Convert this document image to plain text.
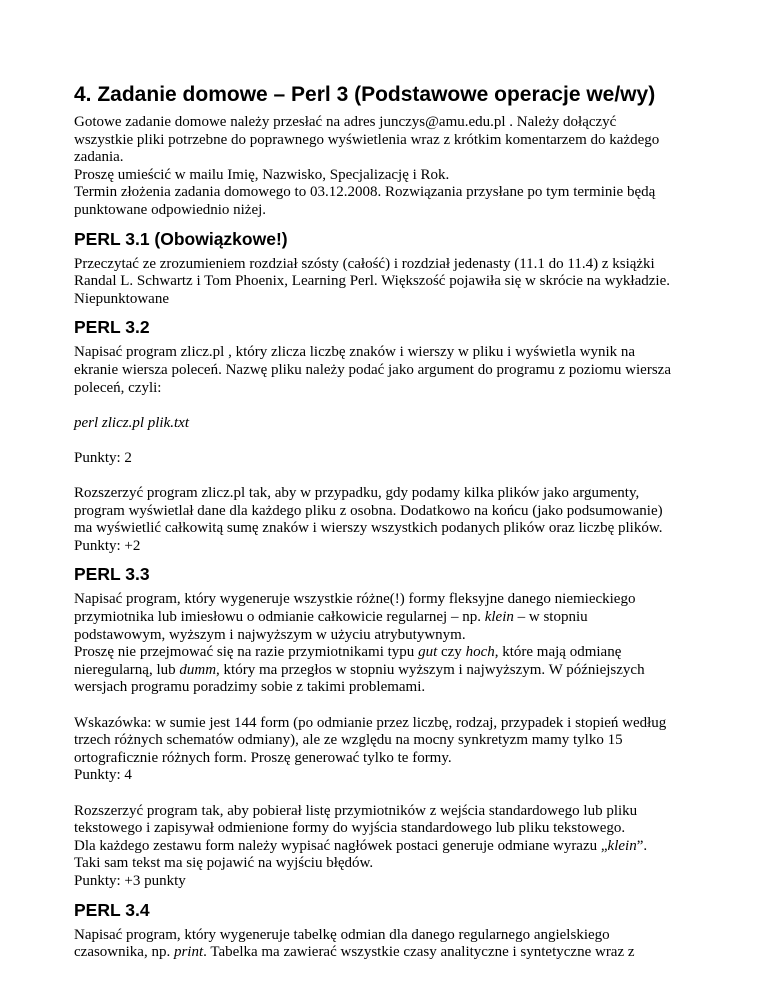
4. Zadanie domowe – Perl 3 (Podstawowe operacje we/wy)

Gotowe zadanie domowe należy przesłać na adres junczys@amu.edu.pl . Należy dołączyć
wszystkie pliki potrzebne do poprawnego wyświetlenia wraz z krótkim komentarzem do każdego
zadania.
Proszę umieścić w mailu Imię, Nazwisko, Specjalizację i Rok.
Termin złożenia zadania domowego to 03.12.2008. Rozwiązania przysłane po tym terminie będą
punktowane odpowiednio niżej.

PERL 3.1 (Obowiązkowe!)

Przeczytać ze zrozumieniem rozdział szósty (całość) i rozdział jedenasty (11.1 do 11.4) z książki
Randal L. Schwartz i Tom Phoenix, Learning Perl. Większość pojawiła się w skrócie na wykładzie.
Niepunktowane

PERL 3.2

Napisać program zlicz.pl , który zlicza liczbę znaków i wierszy w pliku i wyświetla wynik na
ekranie wiersza poleceń. Nazwę pliku należy podać jako argument do programu z poziomu wiersza
poleceń, czyli:

perl zlicz.pl plik.txt

Punkty: 2

Rozszerzyć program zlicz.pl tak, aby w przypadku, gdy podamy kilka plików jako argumenty,
program wyświetlał dane dla każdego pliku z osobna. Dodatkowo na końcu (jako podsumowanie)
ma wyświetlić całkowitą sumę znaków i wierszy wszystkich podanych plików oraz liczbę plików.
Punkty: +2

PERL 3.3

Napisać program, który wygeneruje wszystkie różne(!) formy fleksyjne danego niemieckiego
przymiotnika lub imiesłowu o odmianie całkowicie regularnej – np. klein – w stopniu
podstawowym, wyższym i najwyższym w użyciu atrybutywnym.
Proszę nie przejmować się na razie przymiotnikami typu gut czy hoch, które mają odmianę
nieregularną, lub dumm, który ma przegłos w stopniu wyższym i najwyższym. W późniejszych
wersjach programu poradzimy sobie z takimi problemami.

Wskazówka: w sumie jest 144 form (po odmianie przez liczbę, rodzaj, przypadek i stopień według
trzech różnych schematów odmiany), ale ze względu na mocny synkretyzm mamy tylko 15
ortograficznie różnych form. Proszę generować tylko te formy.
Punkty: 4

Rozszerzyć program tak, aby pobierał listę przymiotników z wejścia standardowego lub pliku
tekstowego i zapisywał odmienione formy do wyjścia standardowego lub pliku tekstowego.
Dla każdego zestawu form należy wypisać nagłówek postaci generuje odmiane wyrazu „klein”.
Taki sam tekst ma się pojawić na wyjściu błędów.
Punkty: +3 punkty

PERL 3.4

Napisać program, który wygeneruje tabelkę odmian dla danego regularnego angielskiego
czasownika, np. print. Tabelka ma zawierać wszystkie czasy analityczne i syntetyczne wraz z
